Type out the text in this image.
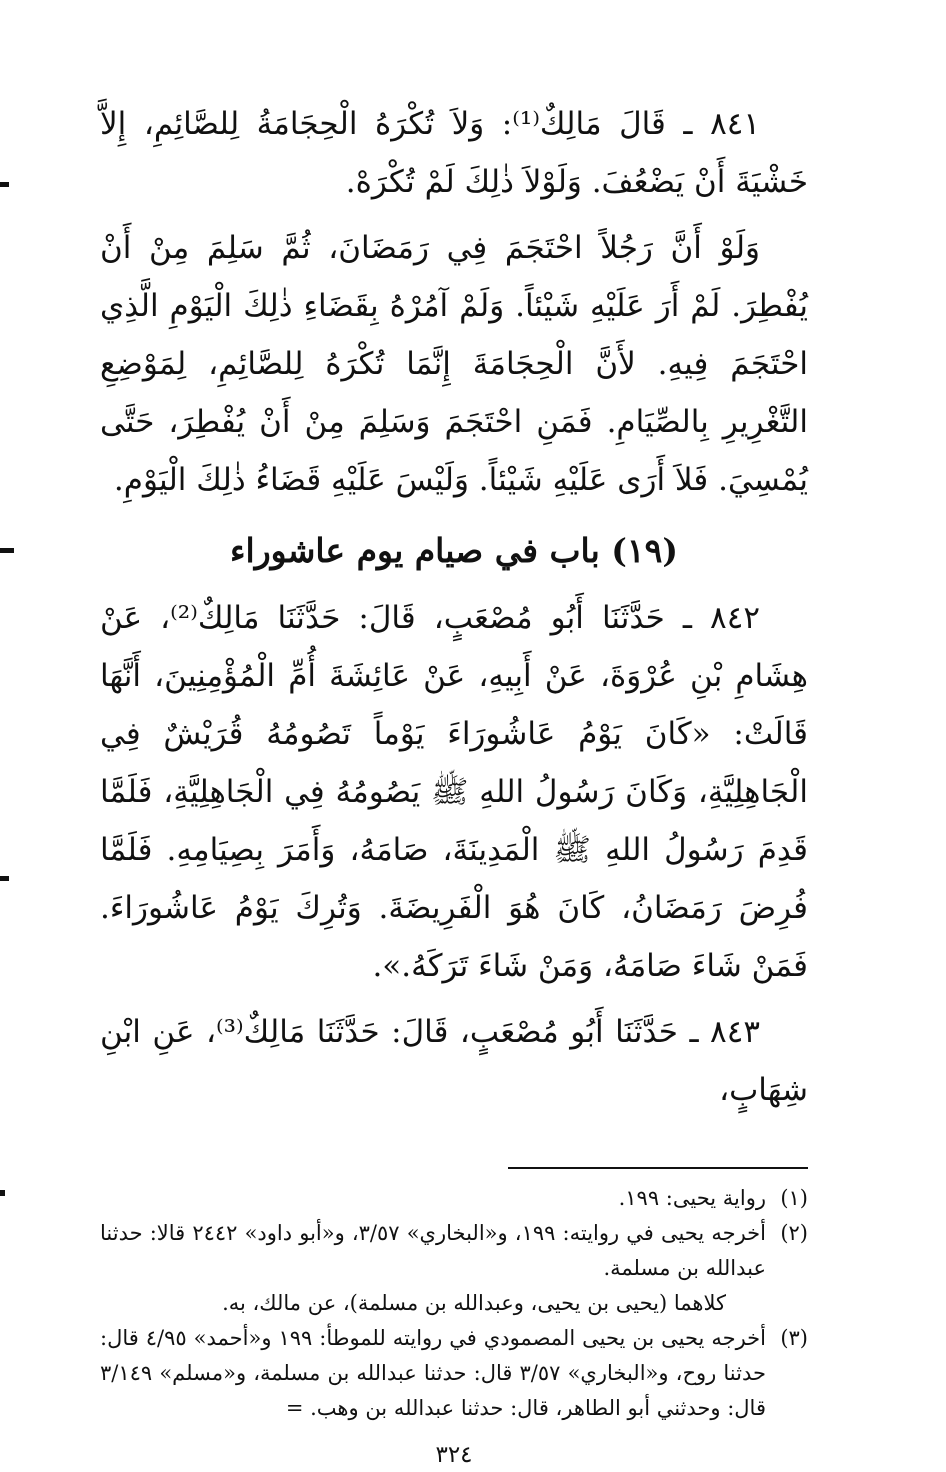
٨٤١ ـ قَالَ مَالِكٌ⁽¹⁾: وَلاَ تُكْرَهُ الْحِجَامَةُ لِلصَّائِمِ، إِلاَّ خَشْيَةَ أَنْ يَضْعُفَ. وَلَوْلاَ ذٰلِكَ لَمْ تُكْرَهْ.

وَلَوْ أَنَّ رَجُلاً احْتَجَمَ فِي رَمَضَانَ، ثُمَّ سَلِمَ مِنْ أَنْ يُفْطِرَ. لَمْ أَرَ عَلَيْهِ شَيْئاً. وَلَمْ آمُرْهُ بِقَضَاءِ ذٰلِكَ الْيَوْمِ الَّذِي احْتَجَمَ فِيهِ. لأَنَّ الْحِجَامَةَ إِنَّمَا تُكْرَهُ لِلصَّائِمِ، لِمَوْضِعِ التَّغْرِيرِ بِالصِّيَامِ. فَمَنِ احْتَجَمَ وَسَلِمَ مِنْ أَنْ يُفْطِرَ، حَتَّى يُمْسِيَ. فَلاَ أَرَى عَلَيْهِ شَيْئاً. وَلَيْسَ عَلَيْهِ قَضَاءُ ذٰلِكَ الْيَوْمِ.

(١٩) باب في صيام يوم عاشوراء

٨٤٢ ـ حَدَّثَنَا أَبُو مُصْعَبٍ، قَالَ: حَدَّثَنَا مَالِكٌ⁽²⁾، عَنْ هِشَامِ بْنِ عُرْوَةَ، عَنْ أَبِيهِ، عَنْ عَائِشَةَ أُمِّ الْمُؤْمِنِينَ، أَنَّهَا قَالَتْ: «كَانَ يَوْمُ عَاشُورَاءَ يَوْماً تَصُومُهُ قُرَيْشٌ فِي الْجَاهِلِيَّةِ، وَكَانَ رَسُولُ اللهِ ﷺ يَصُومُهُ فِي الْجَاهِلِيَّةِ، فَلَمَّا قَدِمَ رَسُولُ اللهِ ﷺ الْمَدِينَةَ، صَامَهُ، وَأَمَرَ بِصِيَامِهِ. فَلَمَّا فُرِضَ رَمَضَانُ، كَانَ هُوَ الْفَرِيضَةَ. وَتُرِكَ يَوْمُ عَاشُورَاءَ. فَمَنْ شَاءَ صَامَهُ، وَمَنْ شَاءَ تَرَكَهُ.».

٨٤٣ ـ حَدَّثَنَا أَبُو مُصْعَبٍ، قَالَ: حَدَّثَنَا مَالِكٌ⁽³⁾، عَنِ ابْنِ شِهَابٍ،

(١)
رواية يحيى: ١٩٩.
(٢)
أخرجه يحيى في روايته: ١٩٩، و«البخاري» ٣/٥٧، و«أبو داود» ٢٤٤٢ قالا: حدثنا عبدالله بن مسلمة.

كلاهما (يحيى بن يحيى، وعبدالله بن مسلمة)، عن مالك، به.

(٣)
أخرجه يحيى بن يحيى المصمودي في روايته للموطأ: ١٩٩ و«أحمد» ٤/٩٥ قال: حدثنا روح، و«البخاري» ٣/٥٧ قال: حدثنا عبدالله بن مسلمة، و«مسلم» ٣/١٤٩ قال: وحدثني أبو الطاهر، قال: حدثنا عبدالله بن وهب. =
٣٢٤
